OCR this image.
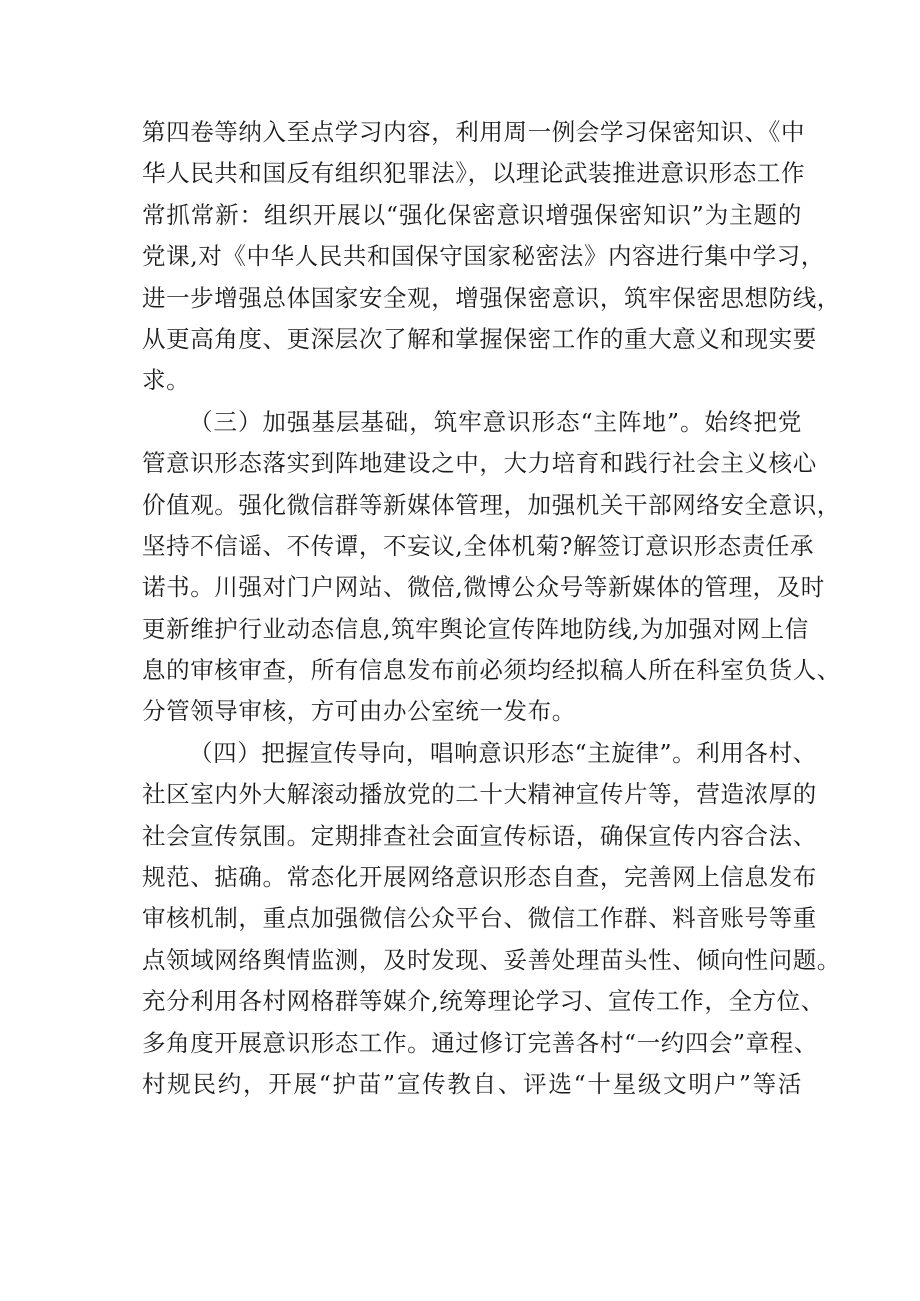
第四卷等纳入至点学习内容，利用周一例会学习保密知识、《中
华人民共和国反有组织犯罪法》，以理论武装推进意识形态工作
常抓常新：组织开展以“强化保密意识增强保密知识”为主题的
党课,对《中华人民共和国保守国家秘密法》内容进行集中学习，
进一步增强总体国家安全观，增强保密意识，筑牢保密思想防线，
从更高角度、更深层次了解和掌握保密工作的重大意义和现实要
求。
（三）加强基层基础，筑牢意识形态“主阵地”。始终把党
管意识形态落实到阵地建设之中，大力培育和践行社会主义核心
价值观。强化微信群等新媒体管理，加强机关干部网络安全意识，
坚持不信谣、不传谭，不妄议,全体机菊?解签订意识形态责任承
诺书。川强对门户网站、微倍,微博公众号等新媒体的管理，及时
更新维护行业动态信息,筑牢舆论宣传阵地防线,为加强对网上信
息的审核审查，所有信息发布前必须均经拟稿人所在科室负货人、
分管领导审核，方可由办公室统一发布。
（四）把握宣传导向，唱响意识形态“主旋律”。利用各村、
社区室内外大解滚动播放党的二十大精神宣传片等，营造浓厚的
社会宣传氛围。定期排查社会面宣传标语，确保宣传内容合法、
规范、掂确。常态化开展网络意识形态自查，完善网上信息发布
审核机制，重点加强微信公众平台、微信工作群、料音账号等重
点领域网络舆情监测，及时发现、妥善处理苗头性、倾向性问题。
充分利用各村网格群等媒介,统筹理论学习、宣传工作，全方位、
多角度开展意识形态工作。通过修订完善各村“一约四会”章程、
村规民约，开展“护苗”宣传教自、评选“十星级文明户”等活
